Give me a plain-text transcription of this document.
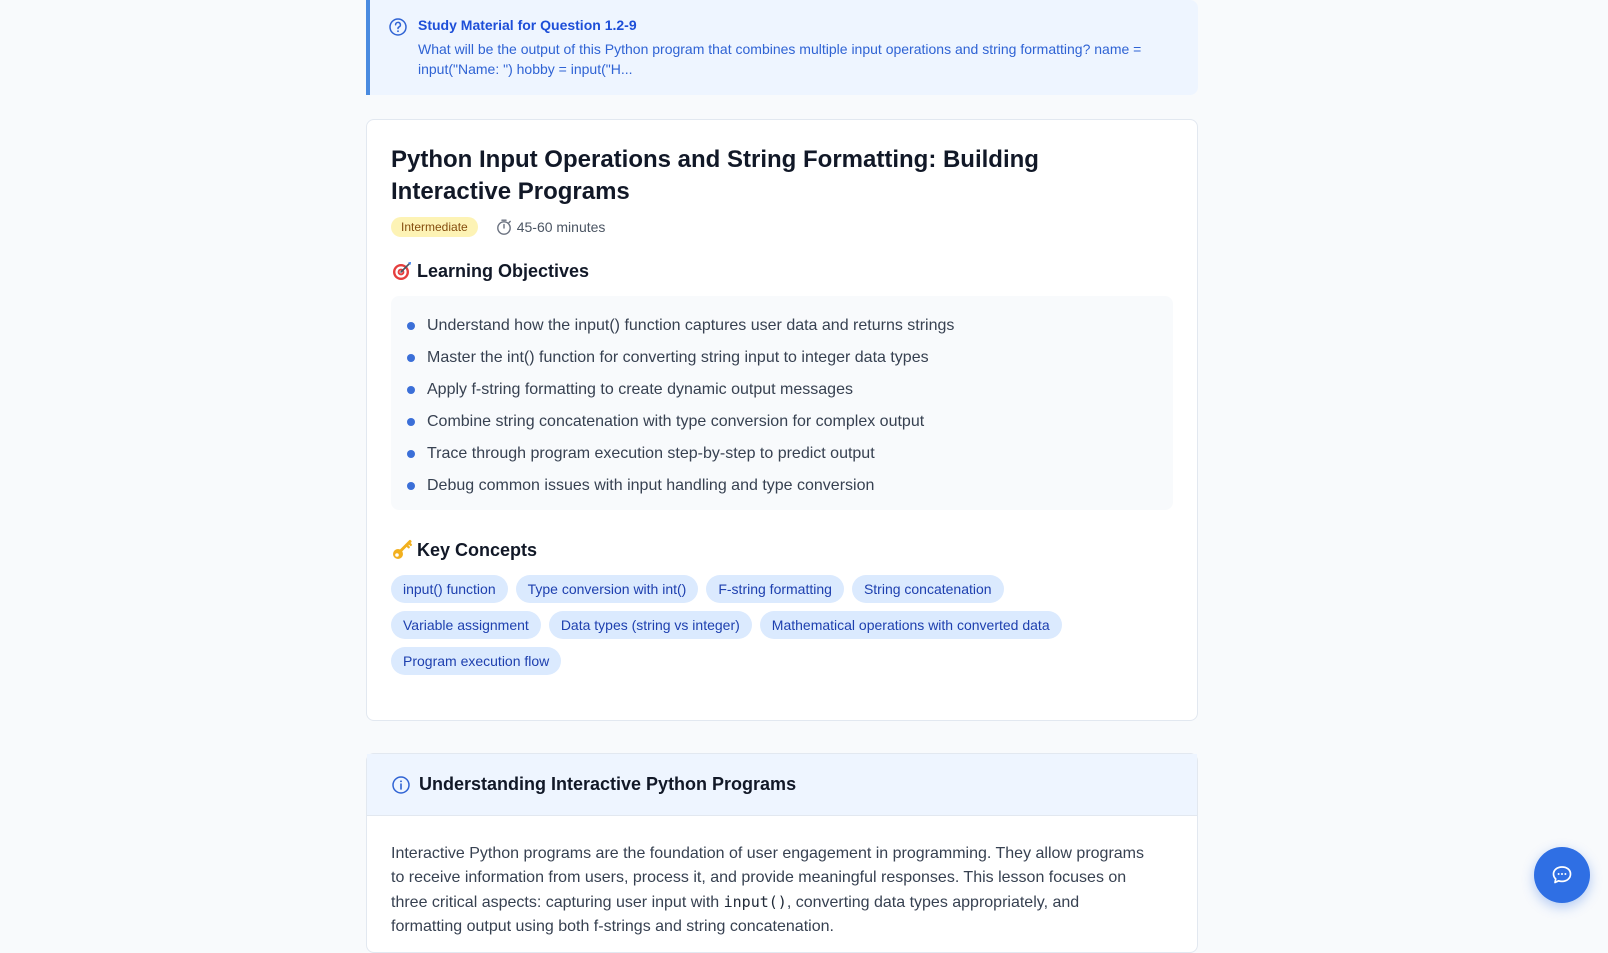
Study Material for Question 1.2-9
What will be the output of this Python program that combines multiple input operations and string formatting? name = input("Name: ") hobby = input("H...
Python Input Operations and String Formatting: Building Interactive Programs
Intermediate	45-60 minutes
Learning Objectives
Understand how the input() function captures user data and returns strings
Master the int() function for converting string input to integer data types
Apply f-string formatting to create dynamic output messages
Combine string concatenation with type conversion for complex output
Trace through program execution step-by-step to predict output
Debug common issues with input handling and type conversion
Key Concepts
input() function	Type conversion with int()	F-string formatting	String concatenation
Variable assignment	Data types (string vs integer)	Mathematical operations with converted data
Program execution flow
Understanding Interactive Python Programs
Interactive Python programs are the foundation of user engagement in programming. They allow programs to receive information from users, process it, and provide meaningful responses. This lesson focuses on three critical aspects: capturing user input with input(), converting data types appropriately, and formatting output using both f-strings and string concatenation.
